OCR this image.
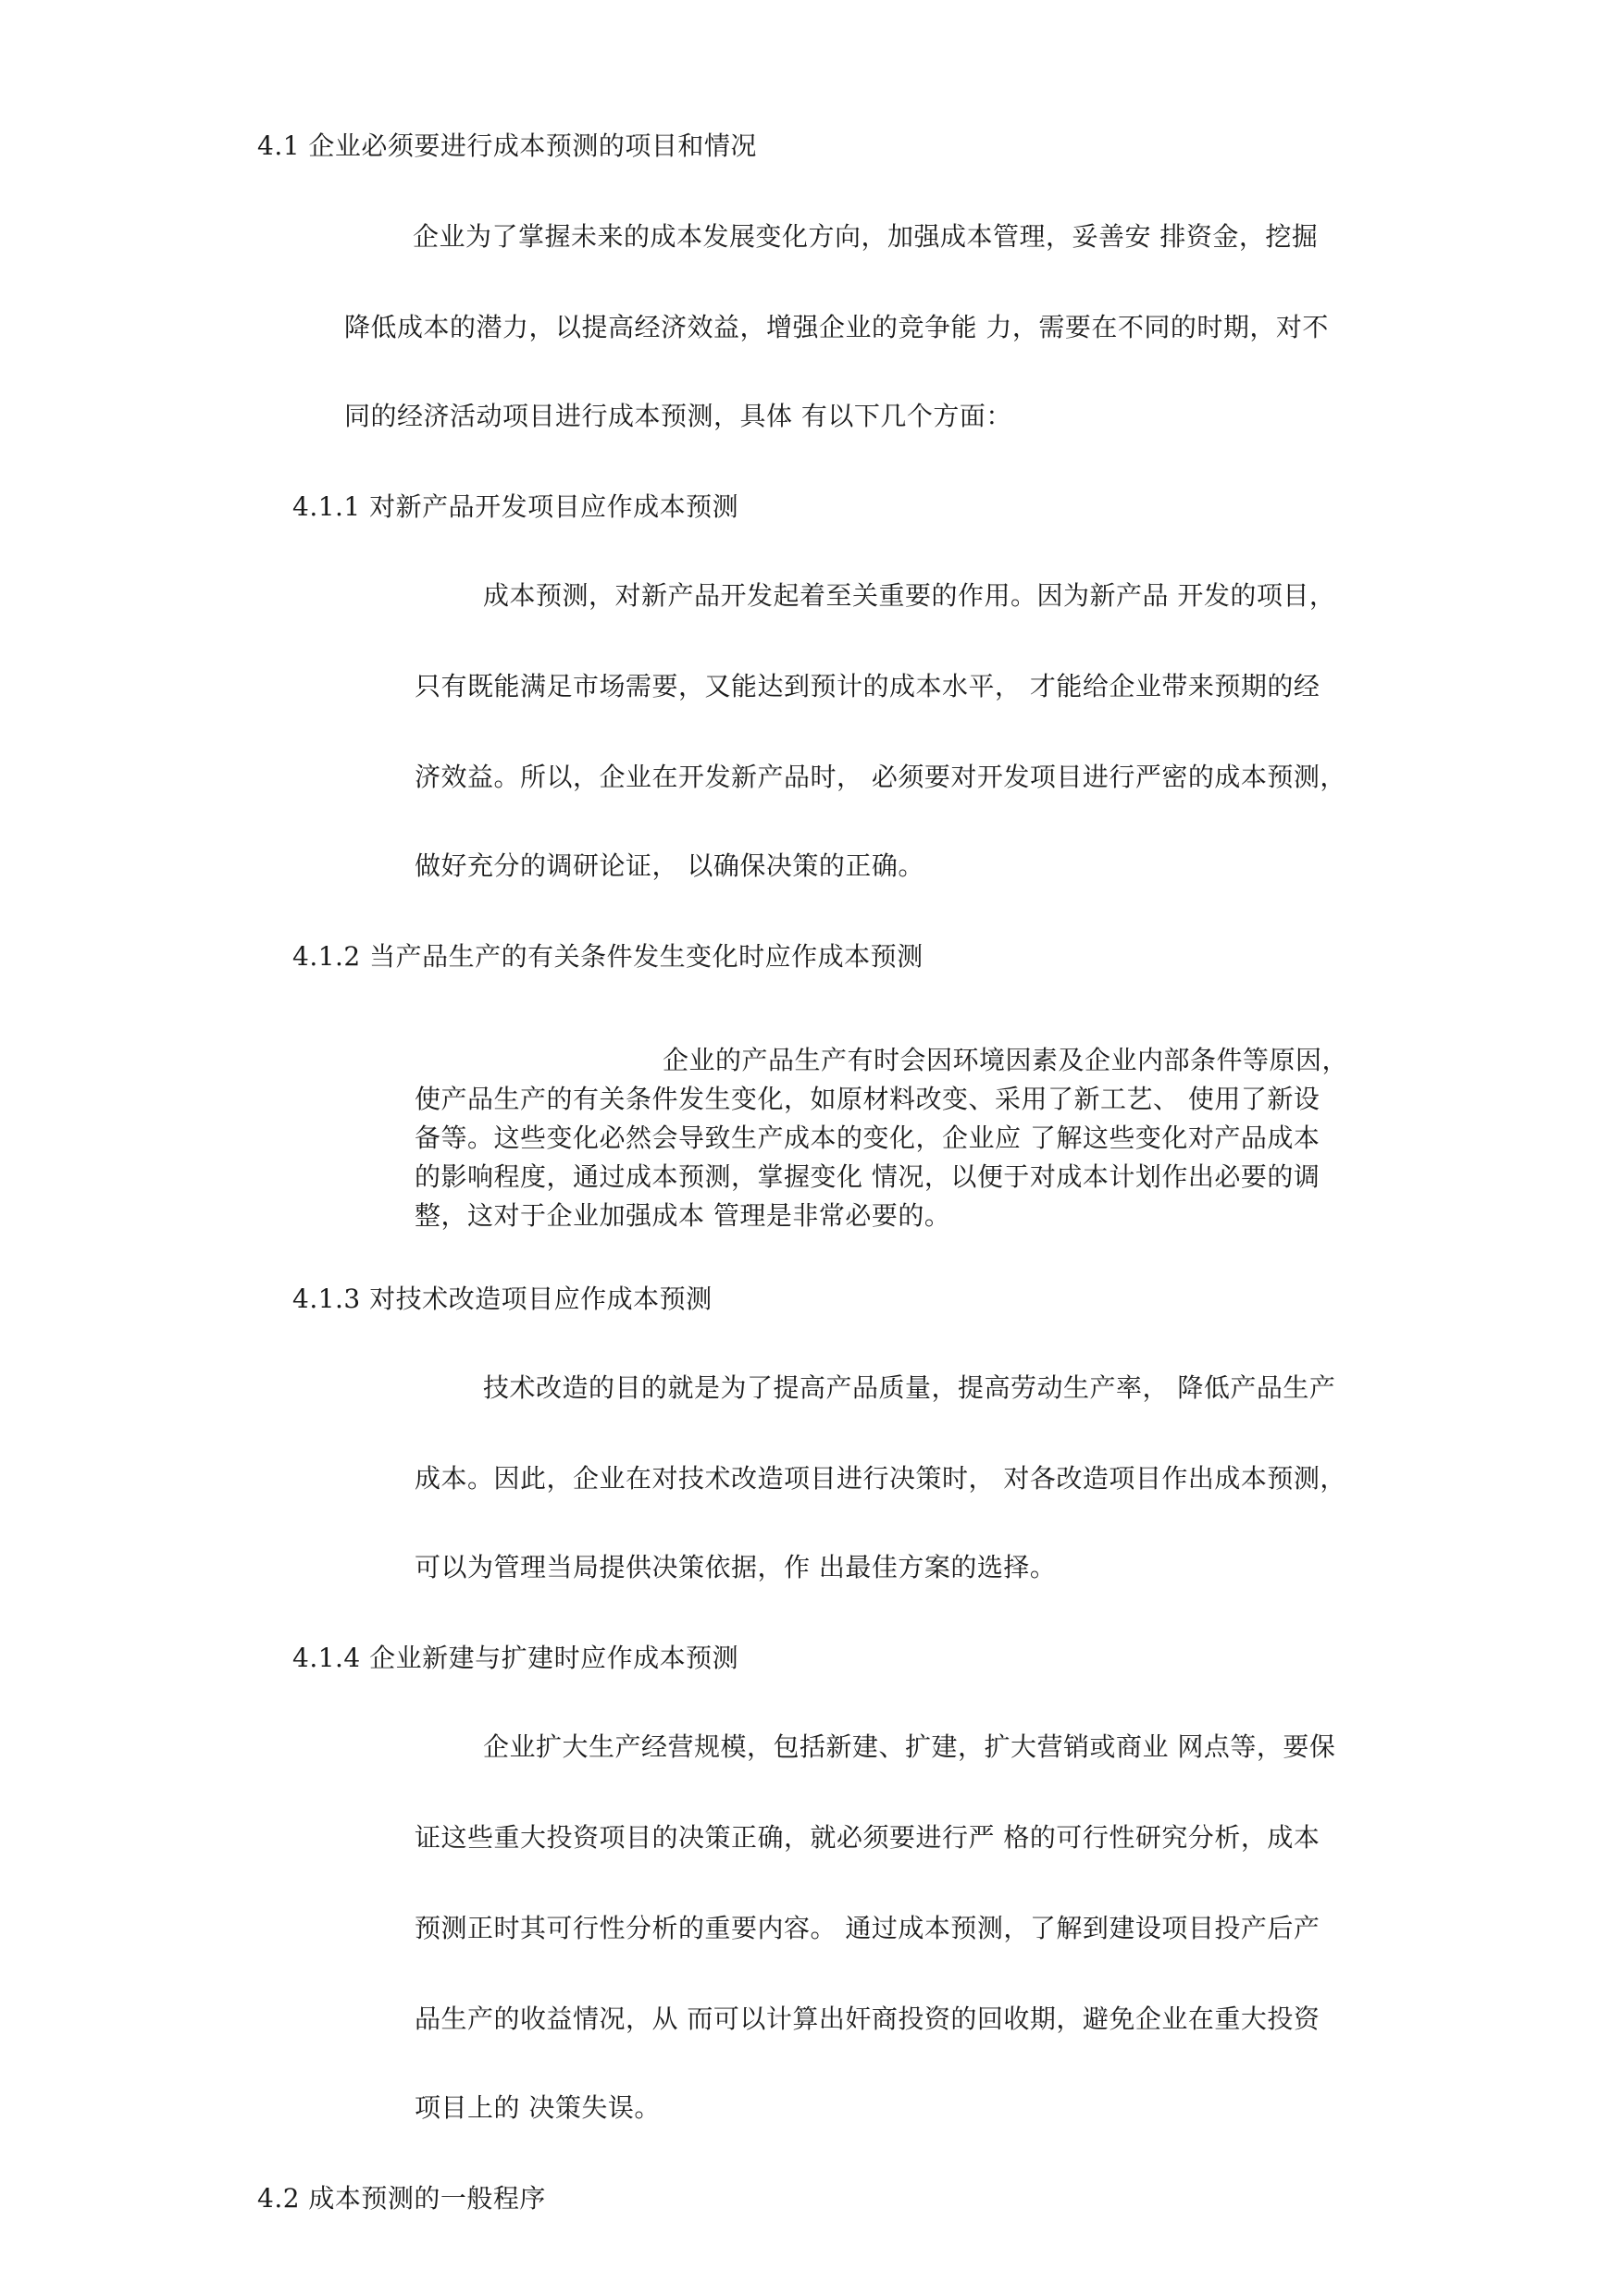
4.1 企业必须要进行成本预测的项目和情况
企业为了掌握未来的成本发展变化方向，加强成本管理，妥善安 排资金，挖掘
降低成本的潜力，以提高经济效益，增强企业的竞争能 力，需要在不同的时期，对不
同的经济活动项目进行成本预测，具体 有以下几个方面：
4.1.1 对新产品开发项目应作成本预测
成本预测，对新产品开发起着至关重要的作用。因为新产品 开发的项目，
只有既能满足市场需要，又能达到预计的成本水平， 才能给企业带来预期的经
济效益。所以，企业在开发新产品时， 必须要对开发项目进行严密的成本预测，
做好充分的调研论证， 以确保决策的正确。
4.1.2 当产品生产的有关条件发生变化时应作成本预测
企业的产品生产有时会因环境因素及企业内部条件等原因，
使产品生产的有关条件发生变化，如原材料改变、采用了新工艺、 使用了新设
备等。这些变化必然会导致生产成本的变化，企业应 了解这些变化对产品成本
的影响程度，通过成本预测，掌握变化 情况，以便于对成本计划作出必要的调
整，这对于企业加强成本 管理是非常必要的。
4.1.3 对技术改造项目应作成本预测
技术改造的目的就是为了提高产品质量，提高劳动生产率， 降低产品生产
成本。因此，企业在对技术改造项目进行决策时， 对各改造项目作出成本预测，
可以为管理当局提供决策依据，作 出最佳方案的选择。
4.1.4 企业新建与扩建时应作成本预测
企业扩大生产经营规模，包括新建、扩建，扩大营销或商业 网点等，要保
证这些重大投资项目的决策正确，就必须要进行严 格的可行性研究分析，成本
预测正时其可行性分析的重要内容。 通过成本预测，了解到建设项目投产后产
品生产的收益情况，从 而可以计算出奸商投资的回收期，避免企业在重大投资
项目上的 决策失误。
4.2 成本预测的一般程序
